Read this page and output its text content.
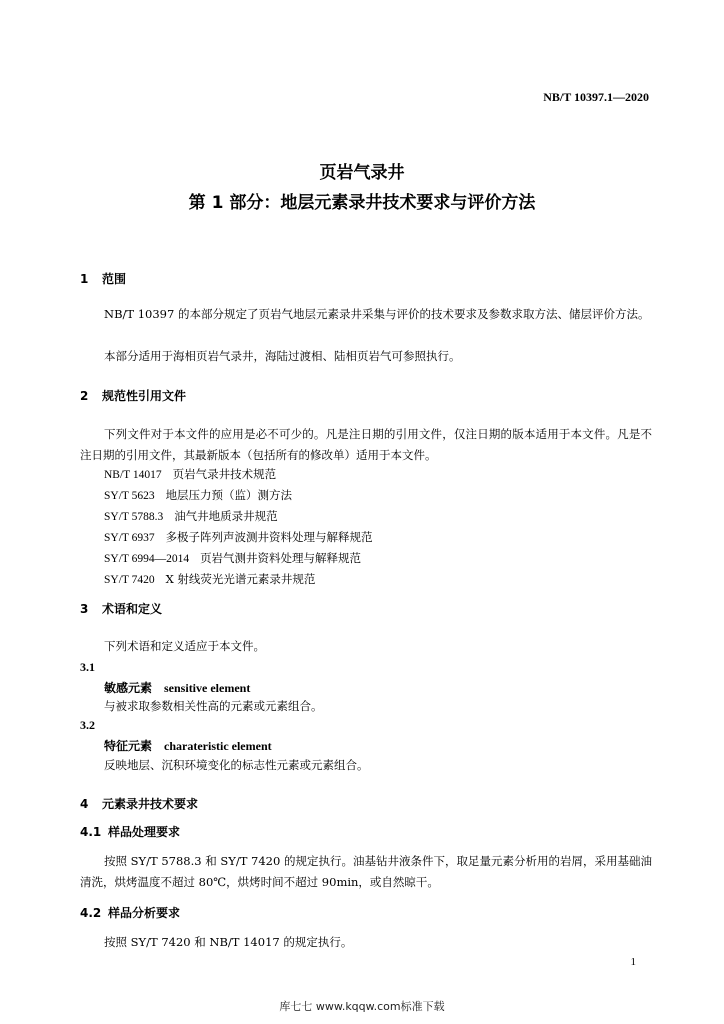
NB/T 10397.1—2020
页岩气录井
第 1 部分：地层元素录井技术要求与评价方法
1 范围
NB/T 10397 的本部分规定了页岩气地层元素录井采集与评价的技术要求及参数求取方法、储层评价方法。
本部分适用于海相页岩气录井，海陆过渡相、陆相页岩气可参照执行。
2 规范性引用文件
下列文件对于本文件的应用是必不可少的。凡是注日期的引用文件，仅注日期的版本适用于本文件。凡是不注日期的引用文件，其最新版本（包括所有的修改单）适用于本文件。
NB/T 14017 页岩气录井技术规范
SY/T 5623 地层压力预（监）测方法
SY/T 5788.3 油气井地质录井规范
SY/T 6937 多极子阵列声波测井资料处理与解释规范
SY/T 6994—2014 页岩气测井资料处理与解释规范
SY/T 7420 X 射线荧光光谱元素录井规范
3 术语和定义
下列术语和定义适应于本文件。
3.1
敏感元素 sensitive element
与被求取参数相关性高的元素或元素组合。
3.2
特征元素 charateristic element
反映地层、沉积环境变化的标志性元素或元素组合。
4 元素录井技术要求
4.1 样品处理要求
按照 SY/T 5788.3 和 SY/T 7420 的规定执行。油基钻井液条件下，取足量元素分析用的岩屑，采用基础油清洗，烘烤温度不超过 80℃，烘烤时间不超过 90min，或自然晾干。
4.2 样品分析要求
按照 SY/T 7420 和 NB/T 14017 的规定执行。
1
库七七 www.kqqw.com标准下载
